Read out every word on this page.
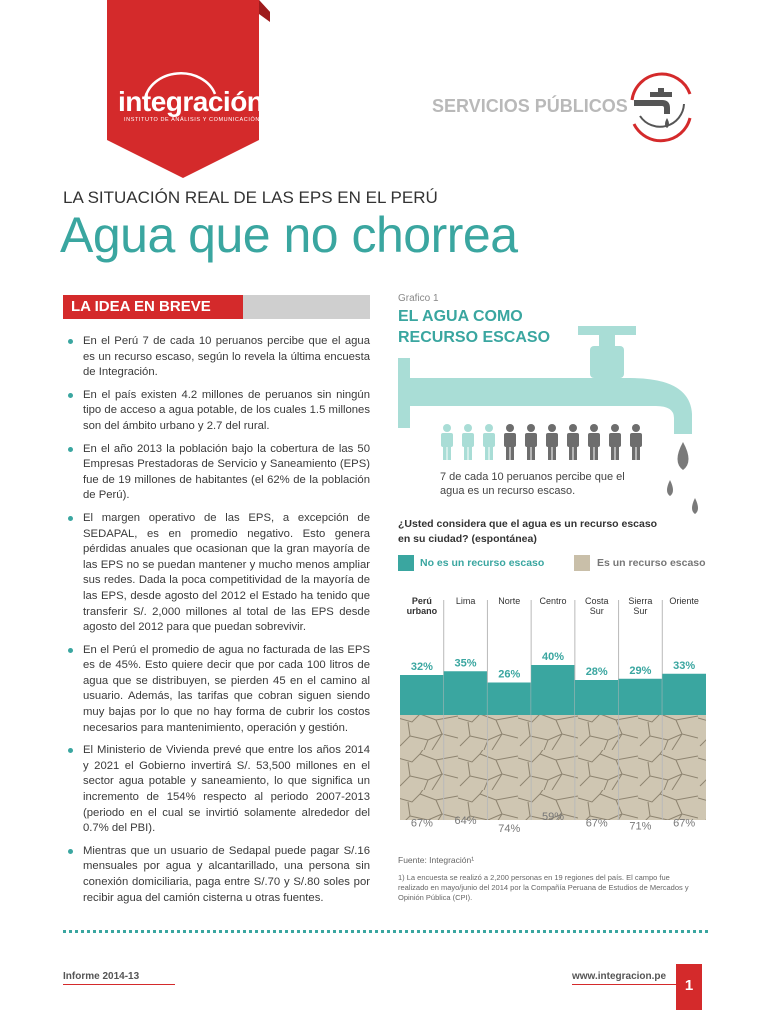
integración
INSTITUTO DE ANÁLISIS Y COMUNICACIÓN
SERVICIOS PÚBLICOS
LA SITUACIÓN REAL DE LAS EPS EN EL PERÚ
Agua que no chorrea
LA IDEA EN BREVE
En el Perú 7 de cada 10 peruanos percibe que el agua es un recurso escaso, según lo revela la última encuesta de Integración.
En el país existen 4.2 millones de peruanos sin ningún tipo de acceso a agua potable, de los cuales 1.5 millones son del ámbito urbano y 2.7 del rural.
En el año 2013 la población bajo la cobertura de las 50 Empresas Prestadoras de Servicio y Saneamiento (EPS) fue de 19 millones de habitantes (el 62% de la población de Perú).
El margen operativo de las EPS, a excepción de SEDAPAL, es en promedio negativo. Esto genera pérdidas anuales que ocasionan que la gran mayoría de las EPS no se puedan mantener y mucho menos ampliar sus redes. Dada la poca competitividad de la mayoría de las EPS, desde agosto del 2012 el Estado ha tenido que transferir S/. 2,000 millones al total de las EPS desde agosto del 2012 para que puedan sobrevivir.
En el Perú el promedio de agua no facturada de las EPS es de 45%. Esto quiere decir que por cada 100 litros de agua que se distribuyen, se pierden 45 en el camino al usuario. Además, las tarifas que cobran siguen siendo muy bajas por lo que no hay forma de cubrir los costos necesarios para mantenimiento, operación y gestión.
El Ministerio de Vivienda prevé que entre los años 2014 y 2021 el Gobierno invertirá S/. 53,500 millones en el sector agua potable y saneamiento, lo que significa un incremento de 154% respecto al periodo 2007-2013 (periodo en el cual se invirtió solamente alrededor del 0.7% del PBI).
Mientras que un usuario de Sedapal puede pagar S/.16 mensuales por agua y alcantarillado, una persona sin conexión domiciliaria, paga entre S/.70 y S/.80 soles por recibir agua del camión cisterna u otras fuentes.
Grafico 1
EL AGUA COMO RECURSO ESCASO
7 de cada 10 peruanos percibe que el agua es un recurso escaso.
¿Usted considera que el agua es un recurso escaso en su ciudad? (espontánea)
No es un recurso escaso	Es un recurso escaso
Perú urbano
32%
67%
Lima
35%
64%
Norte
26%
74%
Centro
40%
59%
Costa Sur
28%
67%
Sierra Sur
29%
71%
Oriente
33%
67%
Fuente: Integración¹
1) La encuesta se realizó a 2,200 personas en 19 regiones del país. El campo fue realizado en mayo/junio del 2014 por la Compañía Peruana de Estudios de Mercados y Opinión Pública (CPI).
Informe 2014-13	www.integracion.pe
1
